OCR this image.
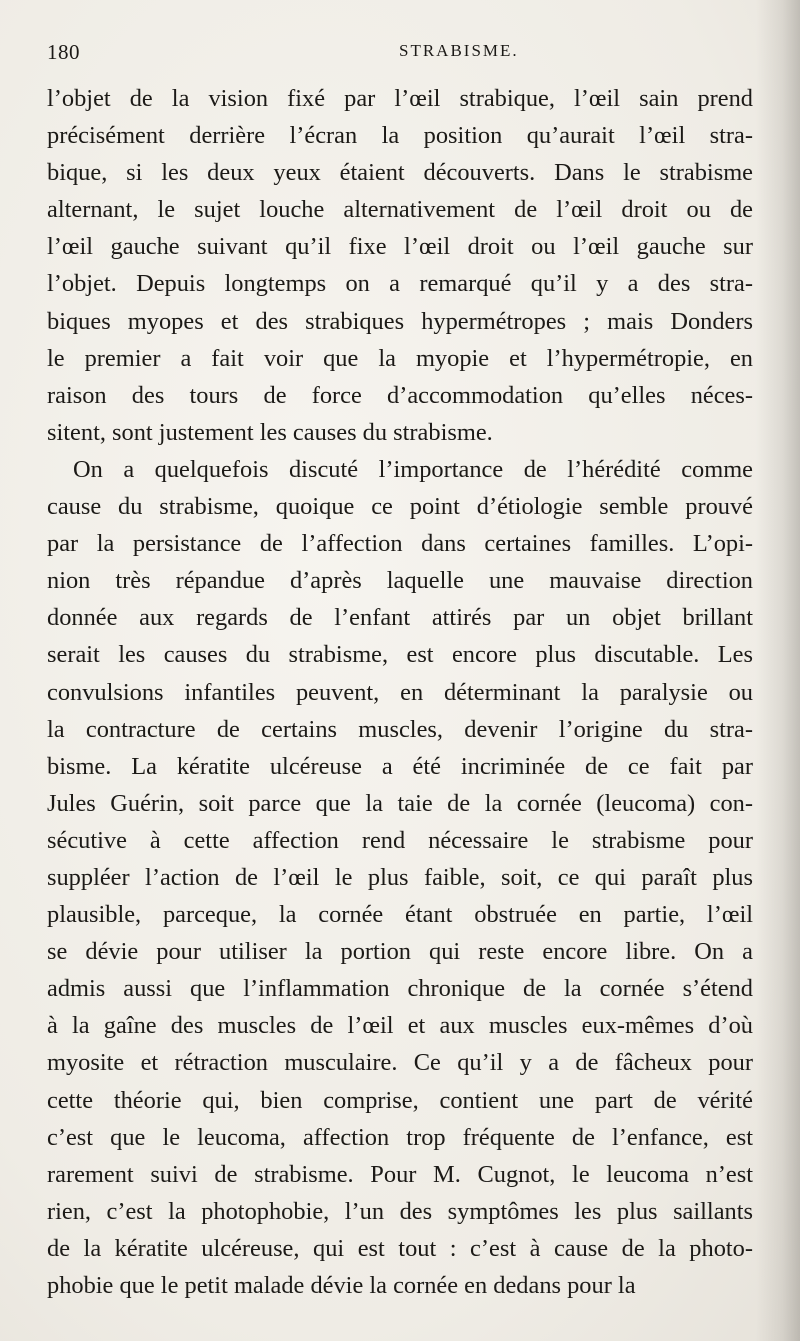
180	STRABISME.
l’objet de la vision fixé par l’œil strabique, l’œil sain prend
précisément derrière l’écran la position qu’aurait l’œil stra-
bique, si les deux yeux étaient découverts. Dans le strabisme
alternant, le sujet louche alternativement de l’œil droit ou de
l’œil gauche suivant qu’il fixe l’œil droit ou l’œil gauche sur
l’objet. Depuis longtemps on a remarqué qu’il y a des stra-
biques myopes et des strabiques hypermétropes ; mais Donders
le premier a fait voir que la myopie et l’hypermétropie, en
raison des tours de force d’accommodation qu’elles néces-
sitent, sont justement les causes du strabisme.
On a quelquefois discuté l’importance de l’hérédité comme
cause du strabisme, quoique ce point d’étiologie semble prouvé
par la persistance de l’affection dans certaines familles. L’opi-
nion très répandue d’après laquelle une mauvaise direction
donnée aux regards de l’enfant attirés par un objet brillant
serait les causes du strabisme, est encore plus discutable. Les
convulsions infantiles peuvent, en déterminant la paralysie ou
la contracture de certains muscles, devenir l’origine du stra-
bisme. La kératite ulcéreuse a été incriminée de ce fait par
Jules Guérin, soit parce que la taie de la cornée (leucoma) con-
sécutive à cette affection rend nécessaire le strabisme pour
suppléer l’action de l’œil le plus faible, soit, ce qui paraît plus
plausible, parceque, la cornée étant obstruée en partie, l’œil
se dévie pour utiliser la portion qui reste encore libre. On a
admis aussi que l’inflammation chronique de la cornée s’étend
à la gaîne des muscles de l’œil et aux muscles eux-mêmes d’où
myosite et rétraction musculaire. Ce qu’il y a de fâcheux pour
cette théorie qui, bien comprise, contient une part de vérité
c’est que le leucoma, affection trop fréquente de l’enfance, est
rarement suivi de strabisme. Pour M. Cugnot, le leucoma n’est
rien, c’est la photophobie, l’un des symptômes les plus saillants
de la kératite ulcéreuse, qui est tout : c’est à cause de la photo-
phobie que le petit malade dévie la cornée en dedans pour la
